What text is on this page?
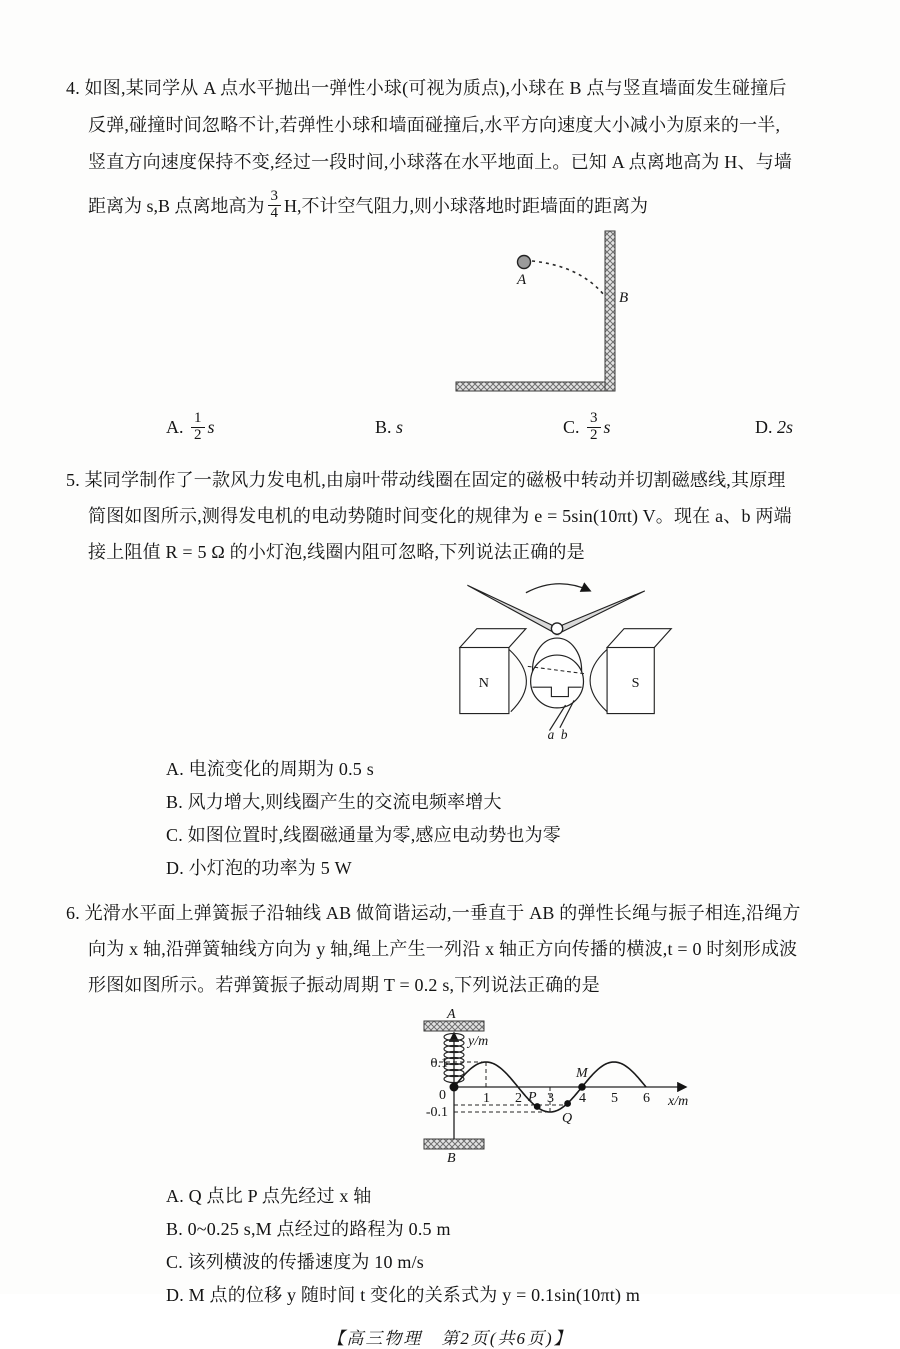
4. 如图,某同学从 A 点水平抛出一弹性小球(可视为质点),小球在 B 点与竖直墙面发生碰撞后
反弹,碰撞时间忽略不计,若弹性小球和墙面碰撞后,水平方向速度大小减小为原来的一半,
竖直方向速度保持不变,经过一段时间,小球落在水平地面上。已知 A 点离地高为 H、与墙
距离为 s,B 点离地高为 $\frac{3}{4} H$,不计空气阻力,则小球落地时距墙面的距离为
A
B
A.
$\frac{1}{2}$ s	B.
s	C.
$\frac{3}{2}$ s	D.
2s
5. 某同学制作了一款风力发电机,由扇叶带动线圈在固定的磁极中转动并切割磁感线,其原理
简图如图所示,测得发电机的电动势随时间变化的规律为 e = 5sin(10πt) V。现在 a、b 两端
接上阻值 R = 5 Ω 的小灯泡,线圈内阻可忽略,下列说法正确的是
N	S
a b
A. 电流变化的周期为 0.5 s
B. 风力增大,则线圈产生的交流电频率增大
C. 如图位置时,线圈磁通量为零,感应电动势也为零
D. 小灯泡的功率为 5 W
6. 光滑水平面上弹簧振子沿轴线 AB 做简谐运动,一垂直于 AB 的弹性长绳与振子相连,沿绳方
向为 x 轴,沿弹簧轴线方向为 y 轴,绳上产生一列沿 x 轴正方向传播的横波,t = 0 时刻形成波
形图如图所示。若弹簧振子振动周期 T = 0.2 s,下列说法正确的是
A
B
y/m
x/m
0.1
-0.1
0	1 2 3 4 5 6
P
Q
M
A. Q 点比 P 点先经过 x 轴
B. 0~0.25 s,M 点经过的路程为 0.5 m
C. 该列横波的传播速度为 10 m/s
D. M 点的位移 y 随时间 t 变化的关系式为 y = 0.1sin(10πt) m
【高三物理　第2页(共6页)】
